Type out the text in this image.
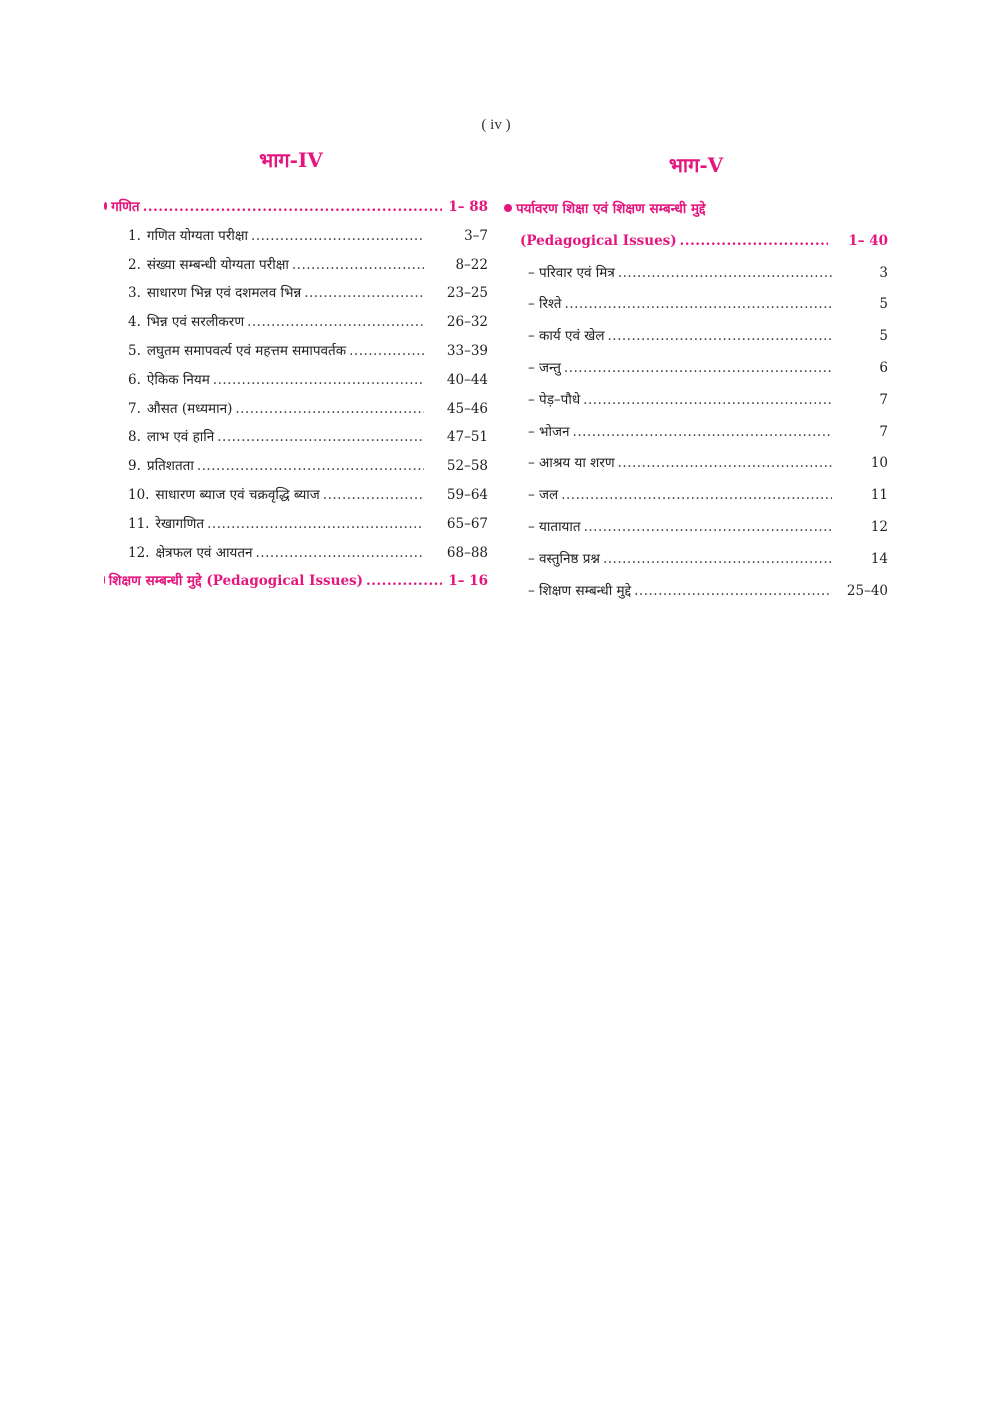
( iv )
भाग-IV
गणित .....	1– 88
1. गणित योग्यता परीक्षा .....	3–7
2. संख्या सम्बन्धी योग्यता परीक्षा .....	8–22
3. साधारण भिन्न एवं दशमलव भिन्न .....	23–25
4. भिन्न एवं सरलीकरण .....	26–32
5. लघुतम समापवर्त्य एवं महत्तम समापवर्तक .....	33–39
6. ऐकिक नियम .....	40–44
7. औसत (मध्यमान) .....	45–46
8. लाभ एवं हानि .....	47–51
9. प्रतिशतता .....	52–58
10. साधारण ब्याज एवं चक्रवृद्धि ब्याज .....	59–64
11. रेखागणित .....	65–67
12. क्षेत्रफल एवं आयतन .....	68–88
शिक्षण सम्बन्धी मुद्दे (Pedagogical Issues) .....	1– 16
भाग-V
पर्यावरण शिक्षा एवं शिक्षण सम्बन्धी मुद्दे
(Pedagogical Issues) .....	1– 40
– परिवार एवं मित्र .....	3
– रिश्ते .....	5
– कार्य एवं खेल .....	5
– जन्तु .....	6
– पेड़–पौधे .....	7
– भोजन .....	7
– आश्रय या शरण .....	10
– जल .....	11
– यातायात .....	12
– वस्तुनिष्ठ प्रश्न .....	14
– शिक्षण सम्बन्धी मुद्दे .....	25–40
